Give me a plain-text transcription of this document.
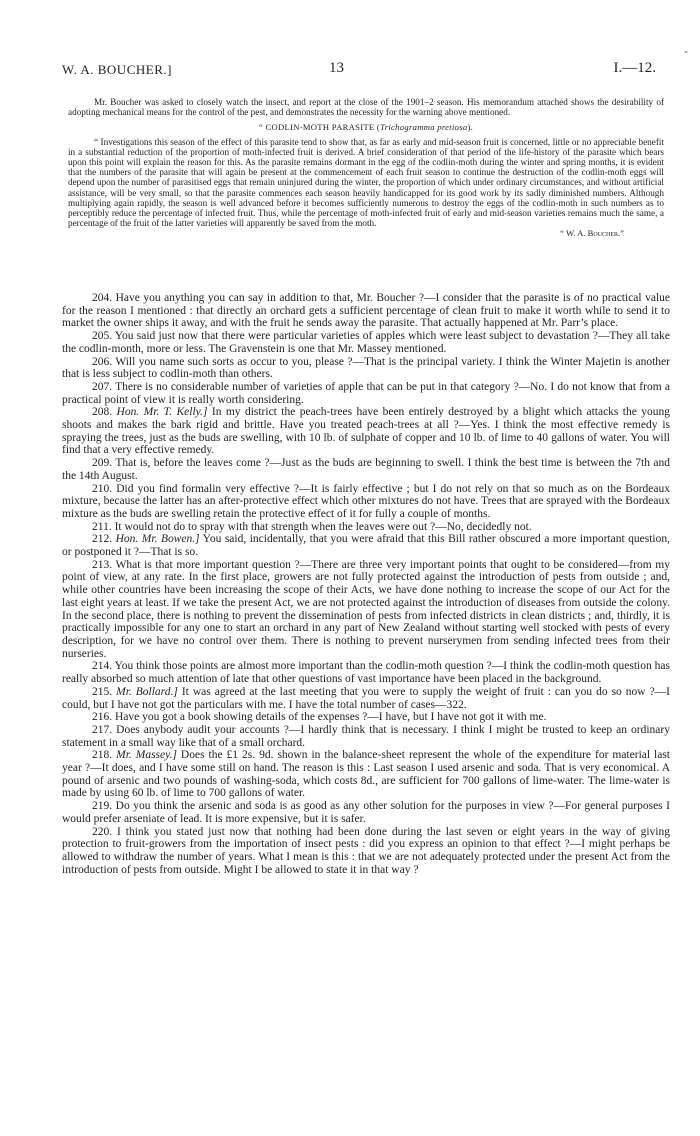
-
W. A. BOUCHER.]	13	I.—12.

Mr. Boucher was asked to closely watch the insect, and report at the close of the 1901–2 season. His memorandum attached shows the desirability of adopting mechanical means for the control of the pest, and demonstrates the necessity for the warning above mentioned.

“ CODLIN-MOTH PARASITE (Trichogramma pretiosa).

“ Investigations this season of the effect of this parasite tend to show that, as far as early and mid-season fruit is concerned, little or no appreciable benefit in a substantial reduction of the proportion of moth-infected fruit is derived. A brief consideration of that period of the life-history of the parasite which bears upon this point will explain the reason for this. As the parasite remains dormant in the egg of the codlin-moth during the winter and spring months, it is evident that the numbers of the parasite that will again be present at the commencement of each fruit season to continue the destruction of the codlin-moth eggs will depend upon the number of parasitised eggs that remain uninjured during the winter, the proportion of which under ordinary circumstances, and without artificial assistance, will be very small, so that the parasite commences each season heavily handicapped for its good work by its sadly diminished numbers. Although multiplying again rapidly, the season is well advanced before it becomes sufficiently numerous to destroy the eggs of the codlin-moth in such numbers as to perceptibly reduce the percentage of infected fruit. Thus, while the percentage of moth-infected fruit of early and mid-season varieties remains much the same, a percentage of the fruit of the latter varieties will apparently be saved from the moth.

“ W. A. Boucher.”

204. Have you anything you can say in addition to that, Mr. Boucher ?—I consider that the parasite is of no practical value for the reason I mentioned : that directly an orchard gets a sufficient percentage of clean fruit to make it worth while to send it to market the owner ships it away, and with the fruit he sends away the parasite. That actually happened at Mr. Parr’s place.

205. You said just now that there were particular varieties of apples which were least subject to devastation ?—They all take the codlin-month, more or less. The Gravenstein is one that Mr. Massey mentioned.

206. Will you name such sorts as occur to you, please ?—That is the principal variety. I think the Winter Majetin is another that is less subject to codlin-moth than others.

207. There is no considerable number of varieties of apple that can be put in that category ?—No. I do not know that from a practical point of view it is really worth considering.

208. Hon. Mr. T. Kelly.] In my district the peach-trees have been entirely destroyed by a blight which attacks the young shoots and makes the bark rigid and brittle. Have you treated peach-trees at all ?—Yes. I think the most effective remedy is spraying the trees, just as the buds are swelling, with 10 lb. of sulphate of copper and 10 lb. of lime to 40 gallons of water. You will find that a very effective remedy.

209. That is, before the leaves come ?—Just as the buds are beginning to swell. I think the best time is between the 7th and the 14th August.

210. Did you find formalin very effective ?—It is fairly effective ; but I do not rely on that so much as on the Bordeaux mixture, because the latter has an after-protective effect which other mixtures do not have. Trees that are sprayed with the Bordeaux mixture as the buds are swelling retain the protective effect of it for fully a couple of months.

211. It would not do to spray with that strength when the leaves were out ?—No, decidedly not.

212. Hon. Mr. Bowen.] You said, incidentally, that you were afraid that this Bill rather obscured a more important question, or postponed it ?—That is so.

213. What is that more important question ?—There are three very important points that ought to be considered—from my point of view, at any rate. In the first place, growers are not fully protected against the introduction of pests from outside ; and, while other countries have been increasing the scope of their Acts, we have done nothing to increase the scope of our Act for the last eight years at least. If we take the present Act, we are not protected against the introduction of diseases from outside the colony. In the second place, there is nothing to prevent the dissemination of pests from infected districts in clean districts ; and, thirdly, it is practically impossible for any one to start an orchard in any part of New Zealand without starting well stocked with pests of every description, for we have no control over them. There is nothing to prevent nurserymen from sending infected trees from their nurseries.

214. You think those points are almost more important than the codlin-moth question ?—I think the codlin-moth question has really absorbed so much attention of late that other questions of vast importance have been placed in the background.

215. Mr. Bollard.] It was agreed at the last meeting that you were to supply the weight of fruit : can you do so now ?—I could, but I have not got the particulars with me. I have the total number of cases—322.

216. Have you got a book showing details of the expenses ?—I have, but I have not got it with me.

217. Does anybody audit your accounts ?—I hardly think that is necessary. I think I might be trusted to keep an ordinary statement in a small way like that of a small orchard.

218. Mr. Massey.] Does the £1 2s. 9d. shown in the balance-sheet represent the whole of the expenditure for material last year ?—It does, and I have some still on hand. The reason is this : Last season I used arsenic and soda. That is very economical. A pound of arsenic and two pounds of washing-soda, which costs 8d., are sufficient for 700 gallons of lime-water. The lime-water is made by using 60 lb. of lime to 700 gallons of water.

219. Do you think the arsenic and soda is as good as any other solution for the purposes in view ?—For general purposes I would prefer arseniate of lead. It is more expensive, but it is safer.

220. I think you stated just now that nothing had been done during the last seven or eight years in the way of giving protection to fruit-growers from the importation of insect pests : did you express an opinion to that effect ?—I might perhaps be allowed to withdraw the number of years. What I mean is this : that we are not adequately protected under the present Act from the introduction of pests from outside. Might I be allowed to state it in that way ?
